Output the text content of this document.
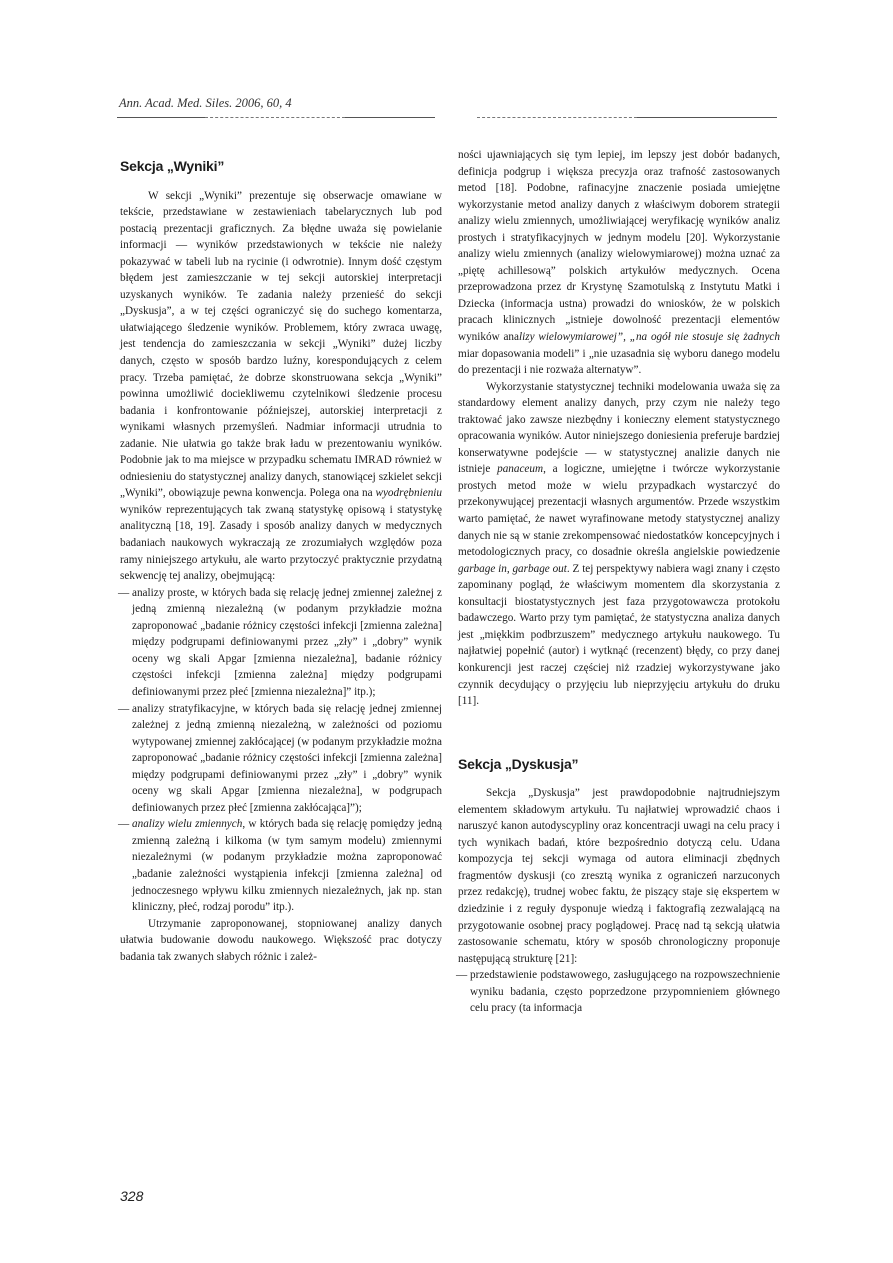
Ann. Acad. Med. Siles. 2006, 60, 4
Sekcja „Wyniki”

W sekcji „Wyniki” prezentuje się obserwacje omawiane w tekście, przedstawiane w zestawieniach tabelarycznych lub pod postacią prezentacji graficznych. Za błędne uważa się powielanie informacji — wyników przedstawionych w tekście nie należy pokazywać w tabeli lub na rycinie (i odwrotnie). Innym dość częstym błędem jest zamieszczanie w tej sekcji autorskiej interpretacji uzyskanych wyników. Te zadania należy przenieść do sekcji „Dyskusja”, a w tej części ograniczyć się do suchego komentarza, ułatwiającego śledzenie wyników. Problemem, który zwraca uwagę, jest tendencja do zamieszczania w sekcji „Wyniki” dużej liczby danych, często w sposób bardzo luźny, korespondujących z celem pracy. Trzeba pamiętać, że dobrze skonstruowana sekcja „Wyniki” powinna umożliwić dociekliwemu czytelnikowi śledzenie procesu badania i konfrontowanie późniejszej, autorskiej interpretacji z wynikami własnych przemyśleń. Nadmiar informacji utrudnia to zadanie. Nie ułatwia go także brak ładu w prezentowaniu wyników. Podobnie jak to ma miejsce w przypadku schematu IMRAD również w odniesieniu do statystycznej analizy danych, stanowiącej szkielet sekcji „Wyniki”, obowiązuje pewna konwencja. Polega ona na wyodrębnieniu wyników reprezentujących tak zwaną statystykę opisową i statystykę analityczną [18, 19]. Zasady i sposób analizy danych w medycznych badaniach naukowych wykraczają ze zrozumiałych względów poza ramy niniejszego artykułu, ale warto przytoczyć praktycznie przydatną sekwencję tej analizy, obejmującą:

— analizy proste, w których bada się relację jednej zmiennej zależnej z jedną zmienną niezależną (w podanym przykładzie można zaproponować „badanie różnicy częstości infekcji [zmienna zależna] między podgrupami definiowanymi przez „zły” i „dobry” wynik oceny wg skali Apgar [zmienna niezależna], badanie różnicy częstości infekcji [zmienna zależna] między podgrupami definiowanymi przez płeć [zmienna niezależna]” itp.);
— analizy stratyfikacyjne, w których bada się relację jednej zmiennej zależnej z jedną zmienną niezależną, w zależności od poziomu wytypowanej zmiennej zakłócającej (w podanym przykładzie można zaproponować „badanie różnicy częstości infekcji [zmienna zależna] między podgrupami definiowanymi przez „zły” i „dobry” wynik oceny wg skali Apgar [zmienna niezależna], w podgrupach definiowanych przez płeć [zmienna zakłócająca]”);
— analizy wielu zmiennych, w których bada się relację pomiędzy jedną zmienną zależną i kilkoma (w tym samym modelu) zmiennymi niezależnymi (w podanym przykładzie można zaproponować „badanie zależności wystąpienia infekcji [zmienna zależna] od jednoczesnego wpływu kilku zmiennych niezależnych, jak np. stan kliniczny, płeć, rodzaj porodu” itp.).

Utrzymanie zaproponowanej, stopniowanej analizy danych ułatwia budowanie dowodu naukowego. Większość prac dotyczy badania tak zwanych słabych różnic i zależ-

ności ujawniających się tym lepiej, im lepszy jest dobór badanych, definicja podgrup i większa precyzja oraz trafność zastosowanych metod [18]. Podobne, rafinacyjne znaczenie posiada umiejętne wykorzystanie metod analizy danych z właściwym doborem strategii analizy wielu zmiennych, umożliwiającej weryfikację wyników analiz prostych i stratyfikacyjnych w jednym modelu [20]. Wykorzystanie analizy wielu zmiennych (analizy wielowymiarowej) można uznać za „piętę achillesową” polskich artykułów medycznych. Ocena przeprowadzona przez dr Krystynę Szamotulską z Instytutu Matki i Dziecka (informacja ustna) prowadzi do wniosków, że w polskich pracach klinicznych „istnieje dowolność prezentacji elementów wyników analizy wielowymiarowej”, „na ogół nie stosuje się żadnych miar dopasowania modeli” i „nie uzasadnia się wyboru danego modelu do prezentacji i nie rozważa alternatyw”.

Wykorzystanie statystycznej techniki modelowania uważa się za standardowy element analizy danych, przy czym nie należy tego traktować jako zawsze niezbędny i konieczny element statystycznego opracowania wyników. Autor niniejszego doniesienia preferuje bardziej konserwatywne podejście — w statystycznej analizie danych nie istnieje panaceum, a logiczne, umiejętne i twórcze wykorzystanie prostych metod może w wielu przypadkach wystarczyć do przekonywującej prezentacji własnych argumentów. Przede wszystkim warto pamiętać, że nawet wyrafinowane metody statystycznej analizy danych nie są w stanie zrekompensować niedostatków koncepcyjnych i metodologicznych pracy, co dosadnie określa angielskie powiedzenie garbage in, garbage out. Z tej perspektywy nabiera wagi znany i często zapominany pogląd, że właściwym momentem dla skorzystania z konsultacji biostatystycznych jest faza przygotowawcza protokołu badawczego. Warto przy tym pamiętać, że statystyczna analiza danych jest „miękkim podbrzuszem” medycznego artykułu naukowego. Tu najłatwiej popełnić (autor) i wytknąć (recenzent) błędy, co przy danej konkurencji jest raczej częściej niż rzadziej wykorzystywane jako czynnik decydujący o przyjęciu lub nieprzyjęciu artykułu do druku [11].

Sekcja „Dyskusja”

Sekcja „Dyskusja” jest prawdopodobnie najtrudniejszym elementem składowym artykułu. Tu najłatwiej wprowadzić chaos i naruszyć kanon autodyscypliny oraz koncentracji uwagi na celu pracy i tych wynikach badań, które bezpośrednio dotyczą celu. Udana kompozycja tej sekcji wymaga od autora eliminacji zbędnych fragmentów dyskusji (co zresztą wynika z ograniczeń narzuconych przez redakcję), trudnej wobec faktu, że piszący staje się ekspertem w dziedzinie i z reguły dysponuje wiedzą i faktografią zezwalającą na przygotowanie osobnej pracy poglądowej. Pracę nad tą sekcją ułatwia zastosowanie schematu, który w sposób chronologiczny proponuje następującą strukturę [21]:

— przedstawienie podstawowego, zasługującego na rozpowszechnienie wyniku badania, często poprzedzone przypomnieniem głównego celu pracy (ta informacja
328
